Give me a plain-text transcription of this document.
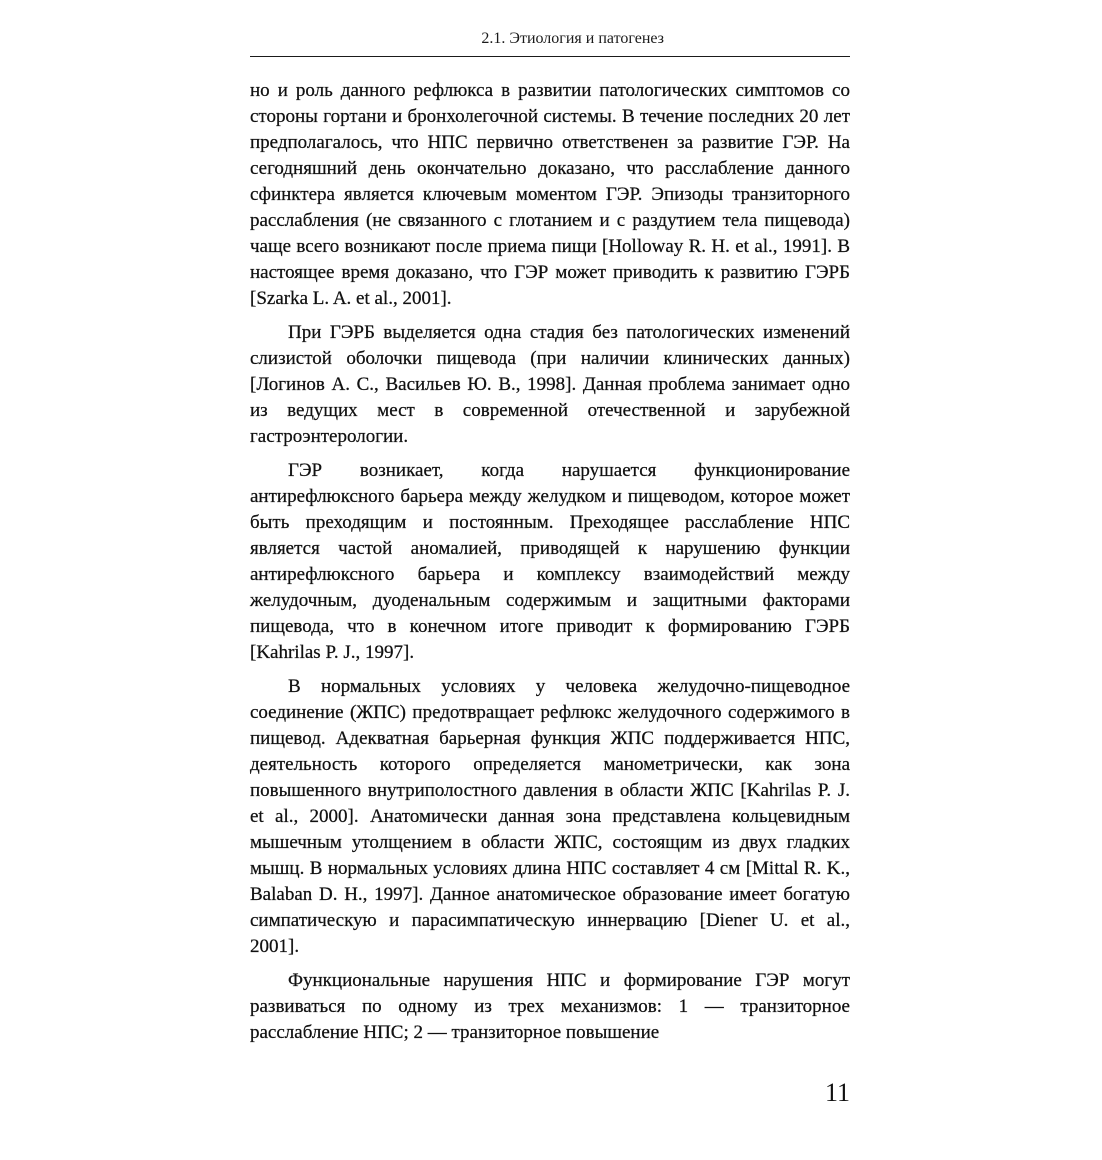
2.1. Этиология и патогенез

но и роль данного рефлюкса в развитии патологических симптомов со стороны гортани и бронхолегочной системы. В течение последних 20 лет предполагалось, что НПС первично ответственен за развитие ГЭР. На сегодняшний день окончательно доказано, что расслабление данного сфинктера является ключевым моментом ГЭР. Эпизоды транзиторного расслабления (не связанного с глотанием и с раздутием тела пищевода) чаще всего возникают после приема пищи [Holloway R. H. et al., 1991]. В настоящее время доказано, что ГЭР может приводить к развитию ГЭРБ [Szarka L. A. et al., 2001].

При ГЭРБ выделяется одна стадия без патологических изменений слизистой оболочки пищевода (при наличии клинических данных) [Логинов А. С., Васильев Ю. В., 1998]. Данная проблема занимает одно из ведущих мест в современной отечественной и зарубежной гастроэнтерологии.

ГЭР возникает, когда нарушается функционирование антирефлюксного барьера между желудком и пищеводом, которое может быть преходящим и постоянным. Преходящее расслабление НПС является частой аномалией, приводящей к нарушению функции антирефлюксного барьера и комплексу взаимодействий между желудочным, дуоденальным содержимым и защитными факторами пищевода, что в конечном итоге приводит к формированию ГЭРБ [Kahrilas P. J., 1997].

В нормальных условиях у человека желудочно-пищеводное соединение (ЖПС) предотвращает рефлюкс желудочного содержимого в пищевод. Адекватная барьерная функция ЖПС поддерживается НПС, деятельность которого определяется манометрически, как зона повышенного внутриполостного давления в области ЖПС [Kahrilas P. J. et al., 2000]. Анатомически данная зона представлена кольцевидным мышечным утолщением в области ЖПС, состоящим из двух гладких мышц. В нормальных условиях длина НПС составляет 4 см [Mittal R. K., Balaban D. H., 1997]. Данное анатомическое образование имеет богатую симпатическую и парасимпатическую иннервацию [Diener U. et al., 2001].

Функциональные нарушения НПС и формирование ГЭР могут развиваться по одному из трех механизмов: 1 — транзиторное расслабление НПС; 2 — транзиторное повышение

11
